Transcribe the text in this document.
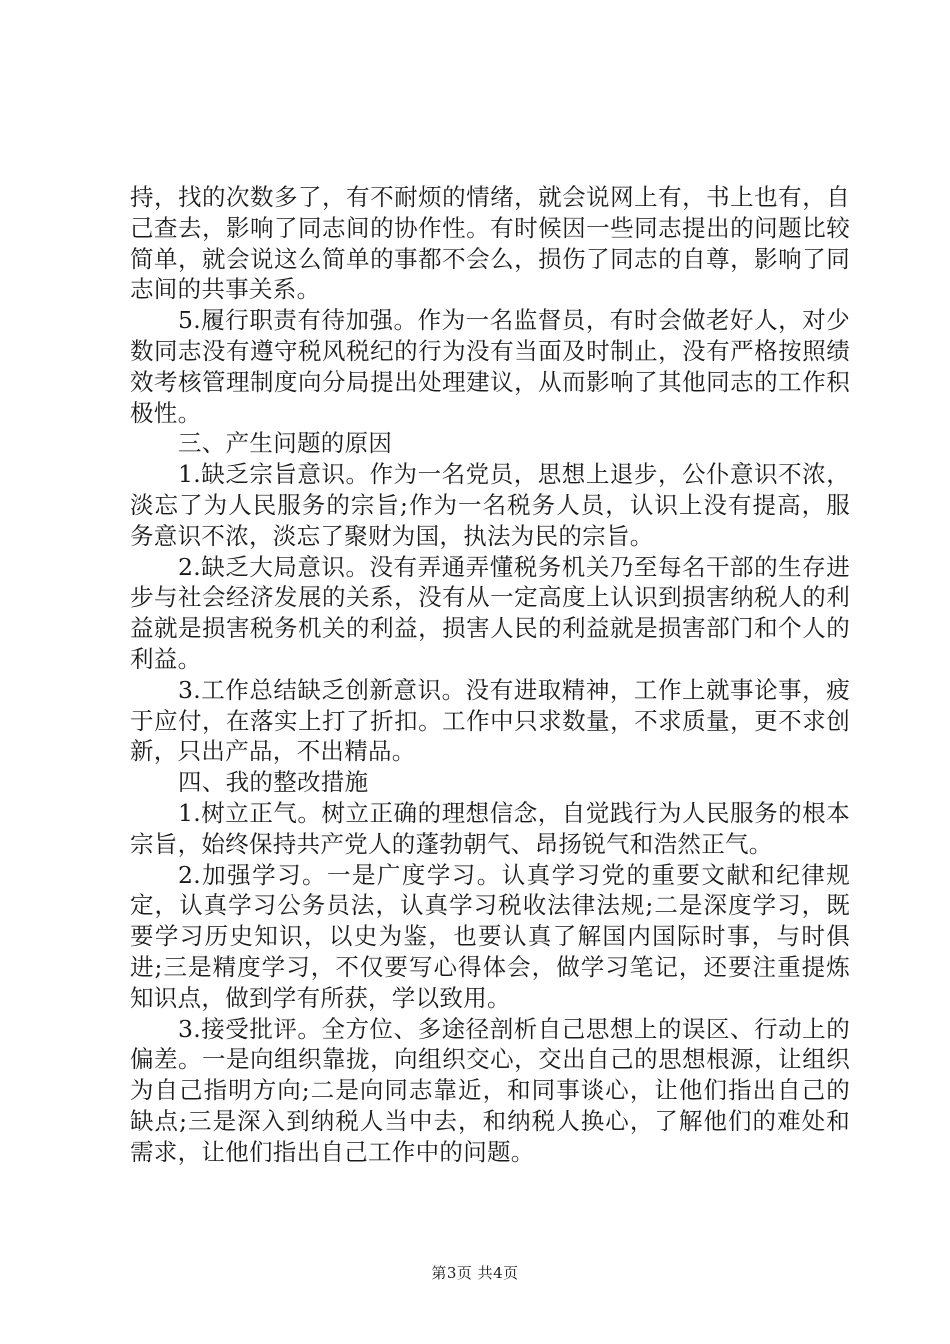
持，找的次数多了，有不耐烦的情绪，就会说网上有，书上也有，自己查去，影响了同志间的协作性。有时候因一些同志提出的问题比较简单，就会说这么简单的事都不会么，损伤了同志的自尊，影响了同志间的共事关系。

5.履行职责有待加强。作为一名监督员，有时会做老好人，对少数同志没有遵守税风税纪的行为没有当面及时制止，没有严格按照绩效考核管理制度向分局提出处理建议，从而影响了其他同志的工作积极性。

三、产生问题的原因

1.缺乏宗旨意识。作为一名党员，思想上退步，公仆意识不浓，淡忘了为人民服务的宗旨;作为一名税务人员，认识上没有提高，服务意识不浓，淡忘了聚财为国，执法为民的宗旨。

2.缺乏大局意识。没有弄通弄懂税务机关乃至每名干部的生存进步与社会经济发展的关系，没有从一定高度上认识到损害纳税人的利益就是损害税务机关的利益，损害人民的利益就是损害部门和个人的利益。

3.工作总结缺乏创新意识。没有进取精神，工作上就事论事，疲于应付，在落实上打了折扣。工作中只求数量，不求质量，更不求创新，只出产品，不出精品。

四、我的整改措施

1.树立正气。树立正确的理想信念，自觉践行为人民服务的根本宗旨，始终保持共产党人的蓬勃朝气、昂扬锐气和浩然正气。

2.加强学习。一是广度学习。认真学习党的重要文献和纪律规定，认真学习公务员法，认真学习税收法律法规;二是深度学习，既要学习历史知识，以史为鉴，也要认真了解国内国际时事，与时俱进;三是精度学习，不仅要写心得体会，做学习笔记，还要注重提炼知识点，做到学有所获，学以致用。

3.接受批评。全方位、多途径剖析自己思想上的误区、行动上的偏差。一是向组织靠拢，向组织交心，交出自己的思想根源，让组织为自己指明方向;二是向同志靠近，和同事谈心，让他们指出自己的缺点;三是深入到纳税人当中去，和纳税人换心，了解他们的难处和需求，让他们指出自己工作中的问题。

第3页 共4页
